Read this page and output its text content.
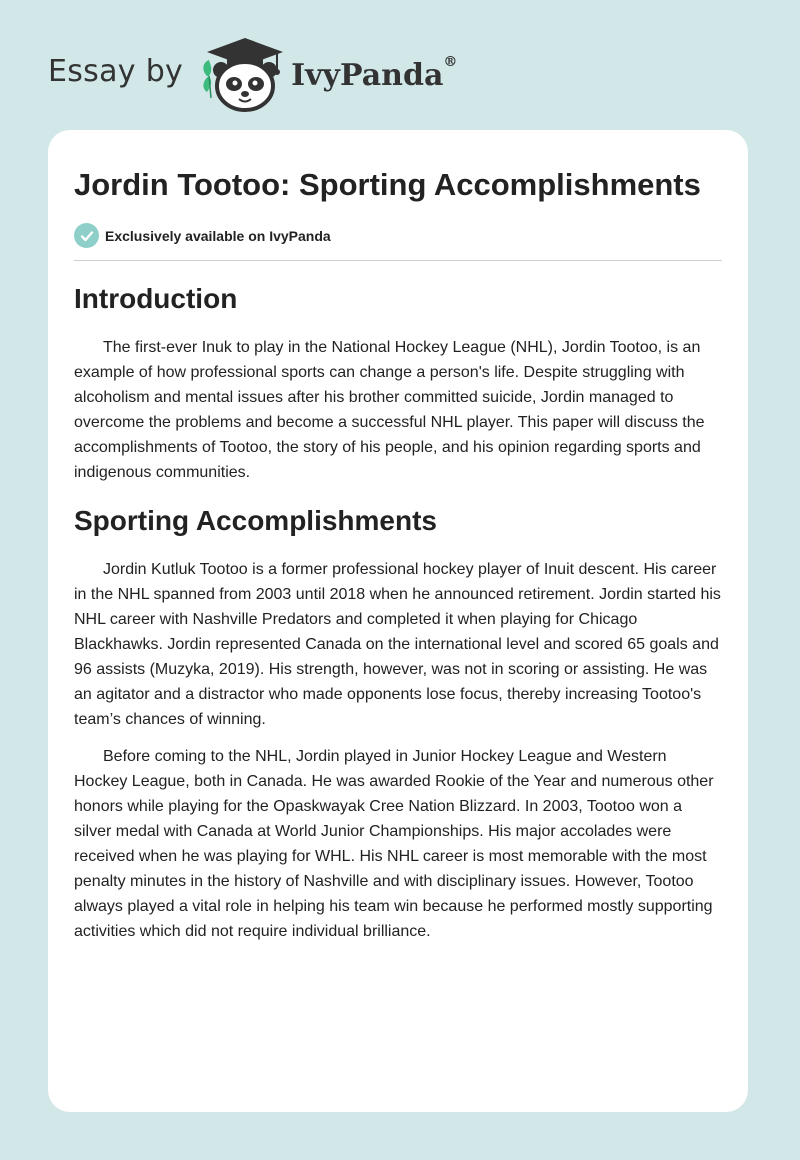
Essay by	IvyPanda®
Jordin Tootoo: Sporting Accomplishments
Exclusively available on IvyPanda
Introduction

The first-ever Inuk to play in the National Hockey League (NHL), Jordin Tootoo, is an example of how professional sports can change a person's life. Despite struggling with alcoholism and mental issues after his brother committed suicide, Jordin managed to overcome the problems and become a successful NHL player. This paper will discuss the accomplishments of Tootoo, the story of his people, and his opinion regarding sports and indigenous communities.

Sporting Accomplishments

Jordin Kutluk Tootoo is a former professional hockey player of Inuit descent. His career in the NHL spanned from 2003 until 2018 when he announced retirement. Jordin started his NHL career with Nashville Predators and completed it when playing for Chicago Blackhawks. Jordin represented Canada on the international level and scored 65 goals and 96 assists (Muzyka, 2019). His strength, however, was not in scoring or assisting. He was an agitator and a distractor who made opponents lose focus, thereby increasing Tootoo's team’s chances of winning.

Before coming to the NHL, Jordin played in Junior Hockey League and Western Hockey League, both in Canada. He was awarded Rookie of the Year and numerous other honors while playing for the Opaskwayak Cree Nation Blizzard. In 2003, Tootoo won a silver medal with Canada at World Junior Championships. His major accolades were received when he was playing for WHL. His NHL career is most memorable with the most penalty minutes in the history of Nashville and with disciplinary issues. However, Tootoo always played a vital role in helping his team win because he performed mostly supporting activities which did not require individual brilliance.
